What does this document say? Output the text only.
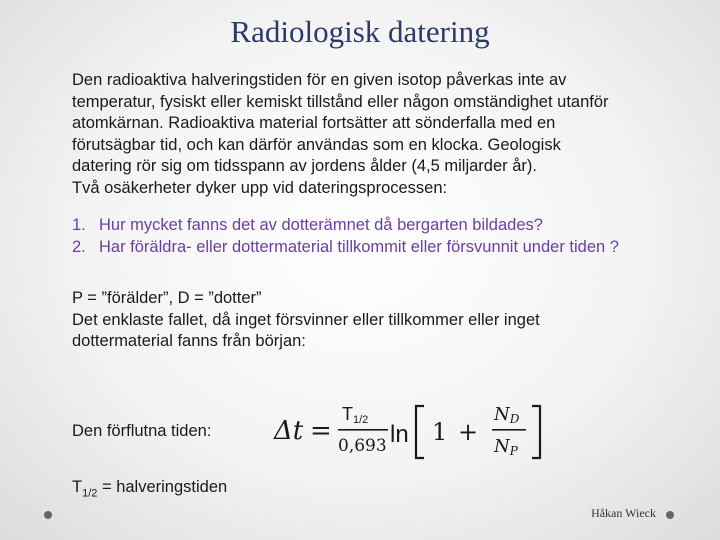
Radiologisk datering

Den radioaktiva halveringstiden för en given isotop påverkas inte av
temperatur, fysiskt eller kemiskt tillstånd eller någon omständighet utanför
atomkärnan. Radioaktiva material fortsätter att sönderfalla med en
förutsägbar tid, och kan därför användas som en klocka. Geologisk
datering rör sig om tidsspann av jordens ålder (4,5 miljarder år).
Två osäkerheter dyker upp vid dateringsprocessen:

1. Hur mycket fanns det av dotterämnet då bergarten bildades?
2. Har föräldra- eller dottermaterial tillkommit eller försvunnit under tiden ?

P = ”förälder”, D = ”dotter”
Det enklaste fallet, då inget försvinner eller tillkommer eller inget
dottermaterial fanns från början:

Den förflutna tiden: Δt =
T1/2
0,693 ln 1 +
ND
NP
$T_{1/2}$ = halveringstiden
Håkan Wieck
